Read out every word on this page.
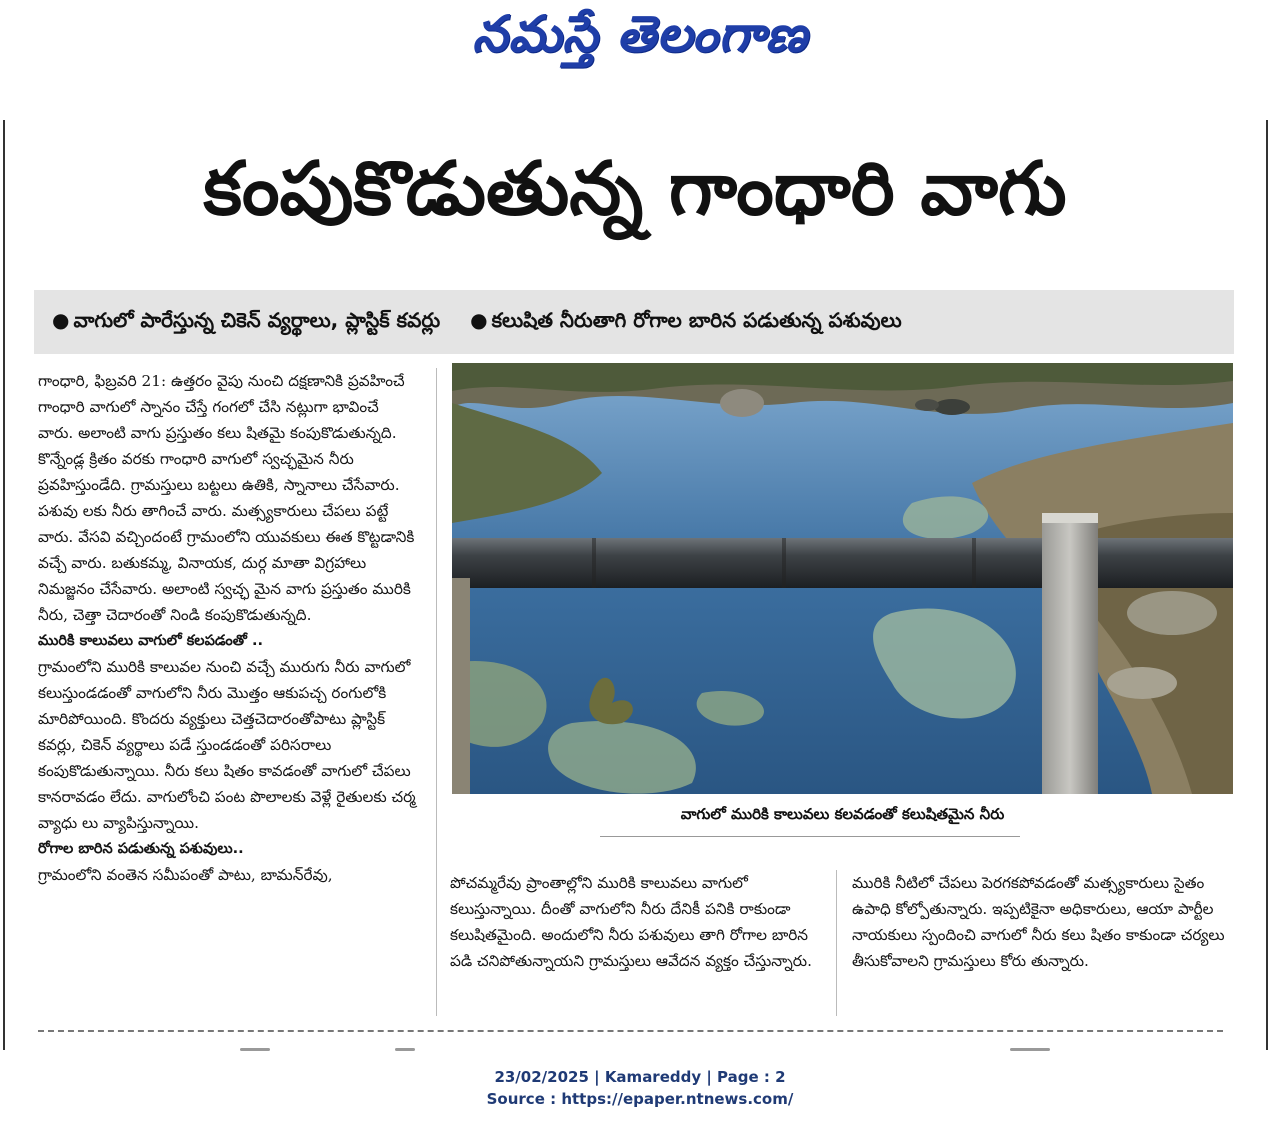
నమస్తే తెలంగాణ
కంపుకొడుతున్న గాంధారి వాగు
● వాగులో పారేస్తున్న చికెన్ వ్యర్థాలు, ప్లాస్టిక్ కవర్లు ● కలుషిత నీరుతాగి రోగాల బారిన పడుతున్న పశువులు

గాంధారి, ఫిబ్రవరి 21: ఉత్తరం వైపు నుంచి దక్షణానికి ప్రవహించే గాంధారి వాగులో స్నానం చేస్తే గంగలో చేసి నట్లుగా భావించే వారు. అలాంటి వాగు ప్రస్తుతం కలు షితమై కంపుకొడుతున్నది. కొన్నేండ్ల క్రితం వరకు గాంధారి వాగులో స్వచ్ఛమైన నీరు ప్రవహిస్తుండేది. గ్రామస్తులు బట్టలు ఉతికి, స్నానాలు చేసేవారు. పశువు లకు నీరు తాగించే వారు. మత్స్యకారులు చేపలు పట్టే వారు. వేసవి వచ్చిందంటే గ్రామంలోని యువకులు ఈత కొట్టడానికి వచ్చే వారు. బతుకమ్మ, వినాయక, దుర్గ మాతా విగ్రహాలు నిమజ్జనం చేసేవారు. అలాంటి స్వచ్ఛ మైన వాగు ప్రస్తుతం మురికి నీరు, చెత్తా చెదారంతో నిండి కంపుకొడుతున్నది.

మురికి కాలువలు వాగులో కలపడంతో ..

గ్రామంలోని మురికి కాలువల నుంచి వచ్చే మురుగు నీరు వాగులో కలుస్తుండడంతో వాగులోని నీరు మొత్తం ఆకుపచ్చ రంగులోకి మారిపోయింది. కొందరు వ్యక్తులు చెత్తచెదారంతోపాటు ప్లాస్టిక్ కవర్లు, చికెన్ వ్యర్థాలు పడే స్తుండడంతో పరిసరాలు కంపుకొడుతున్నాయి. నీరు కలు షితం కావడంతో వాగులో చేపలు కానరావడం లేదు. వాగులోంచి పంట పొలాలకు వెళ్లే రైతులకు చర్మ వ్యాధు లు వ్యాపిస్తున్నాయి.

రోగాల బారిన పడుతున్న పశువులు..

గ్రామంలోని వంతెన సమీపంతో పాటు, బామన్‌రేవు,

వాగులో మురికి కాలువలు కలవడంతో కలుషితమైన నీరు

పోచమ్మరేవు ప్రాంతాల్లోని మురికి కాలువలు వాగులో కలుస్తున్నాయి. దీంతో వాగులోని నీరు దేనికీ పనికి రాకుండా కలుషితమైంది. అందులోని నీరు పశువులు తాగి రోగాల బారిన పడి చనిపోతున్నాయని గ్రామస్తులు ఆవేదన వ్యక్తం చేస్తున్నారు.

మురికి నీటిలో చేపలు పెరగకపోవడంతో మత్స్యకారులు సైతం ఉపాధి కోల్పోతున్నారు. ఇప్పటికైనా అధికారులు, ఆయా పార్టీల నాయకులు స్పందించి వాగులో నీరు కలు షితం కాకుండా చర్యలు తీసుకోవాలని గ్రామస్తులు కోరు తున్నారు.

23/02/2025 | Kamareddy | Page : 2
Source : https://epaper.ntnews.com/
